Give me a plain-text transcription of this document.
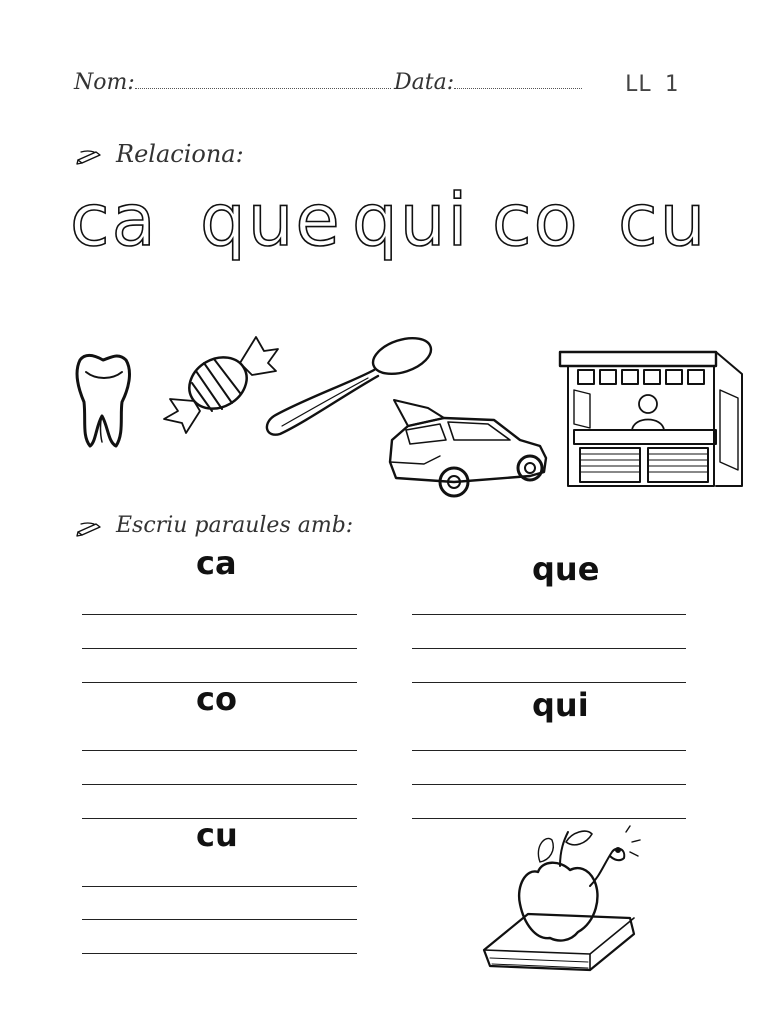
Nom:	Data:	LL 1
Relaciona:
ca que qui co cu
Escriu paraules amb:
ca	que
co	qui
cu
